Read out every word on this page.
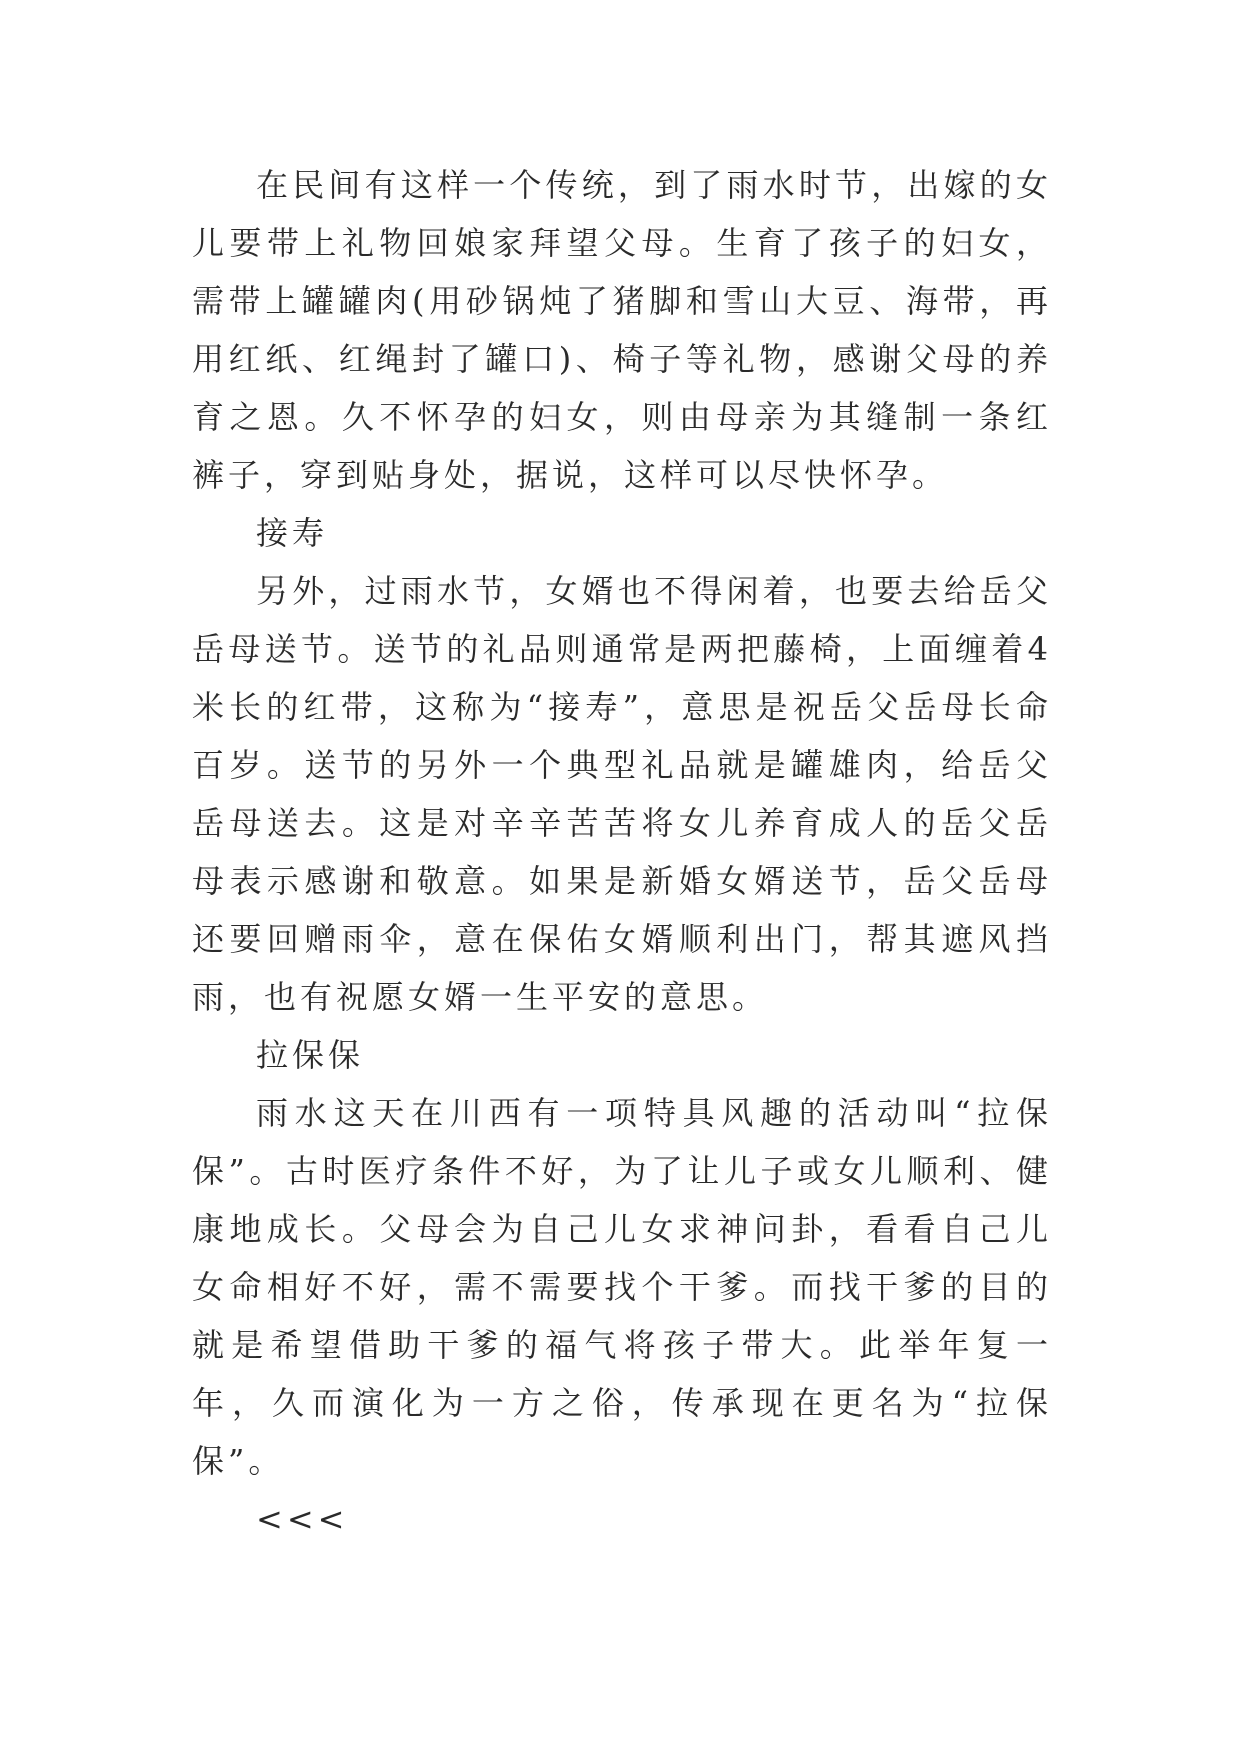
在民间有这样一个传统，到了雨水时节，出嫁的女儿要带上礼物回娘家拜望父母。生育了孩子的妇女，需带上罐罐肉(用砂锅炖了猪脚和雪山大豆、海带，再用红纸、红绳封了罐口)、椅子等礼物，感谢父母的养育之恩。久不怀孕的妇女，则由母亲为其缝制一条红裤子，穿到贴身处，据说，这样可以尽快怀孕。

接寿

另外，过雨水节，女婿也不得闲着，也要去给岳父岳母送节。送节的礼品则通常是两把藤椅，上面缠着4米长的红带，这称为“接寿”，意思是祝岳父岳母长命百岁。送节的另外一个典型礼品就是罐雄肉，给岳父岳母送去。这是对辛辛苦苦将女儿养育成人的岳父岳母表示感谢和敬意。如果是新婚女婿送节，岳父岳母还要回赠雨伞，意在保佑女婿顺利出门，帮其遮风挡雨，也有祝愿女婿一生平安的意思。

拉保保

雨水这天在川西有一项特具风趣的活动叫“拉保保”。古时医疗条件不好，为了让儿子或女儿顺利、健康地成长。父母会为自己儿女求神问卦，看看自己儿女命相好不好，需不需要找个干爹。而找干爹的目的就是希望借助干爹的福气将孩子带大。此举年复一年，久而演化为一方之俗，传承现在更名为“拉保保”。

<<<
